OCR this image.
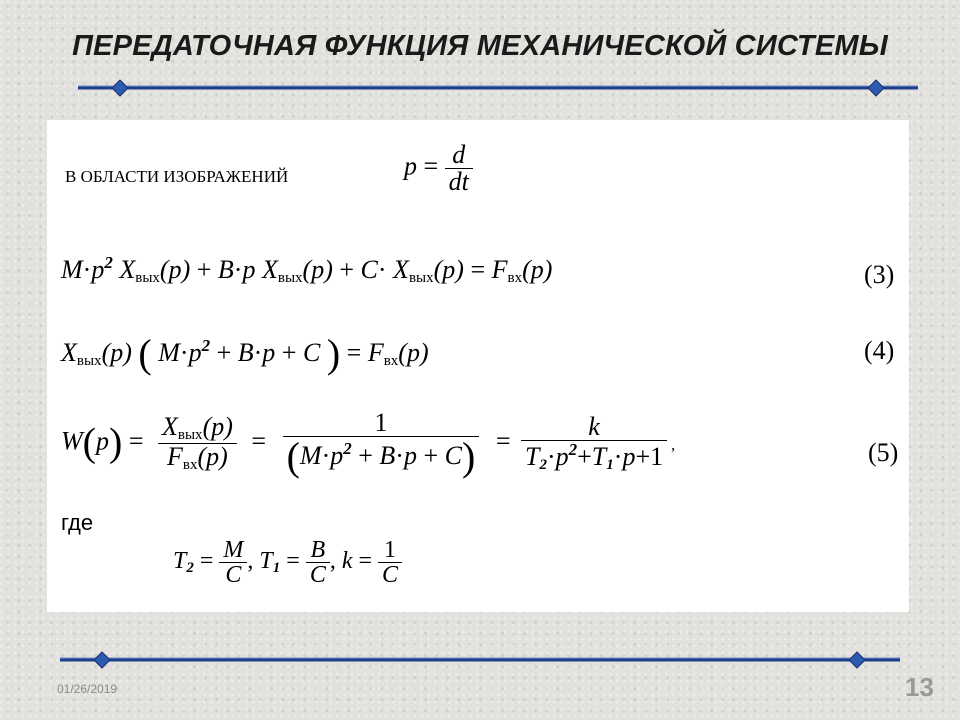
ПЕРЕДАТОЧНАЯ ФУНКЦИЯ МЕХАНИЧЕСКОЙ СИСТЕМЫ
В ОБЛАСТИ ИЗОБРАЖЕНИЙ	$p = \frac{d}{dt}$
$M\cdot p^2$ $X_{вых}(p) + B\cdot p$ $X_{вых}(p) + C\cdot X_{вых}(p) = F_{вх}(p)$	(3)
$X_{вых}(p)$ ( $M\cdot p^2 + B\cdot p + C$ ) = $F_{вх}(p)$	(4)
$W(p) = \frac{X_{вых}(p)}{F_{вх}(p)} = \frac{1}{(M\cdot p^2 + B\cdot p + C)} = \frac{k}{T_2\cdot p^2+T_1\cdot p+1}$ ,	(5)
где
$T_2 = \frac{M}{C}$ , $T_1 = \frac{B}{C}$ , $k = \frac{1}{C}$
01/26/2019	13
